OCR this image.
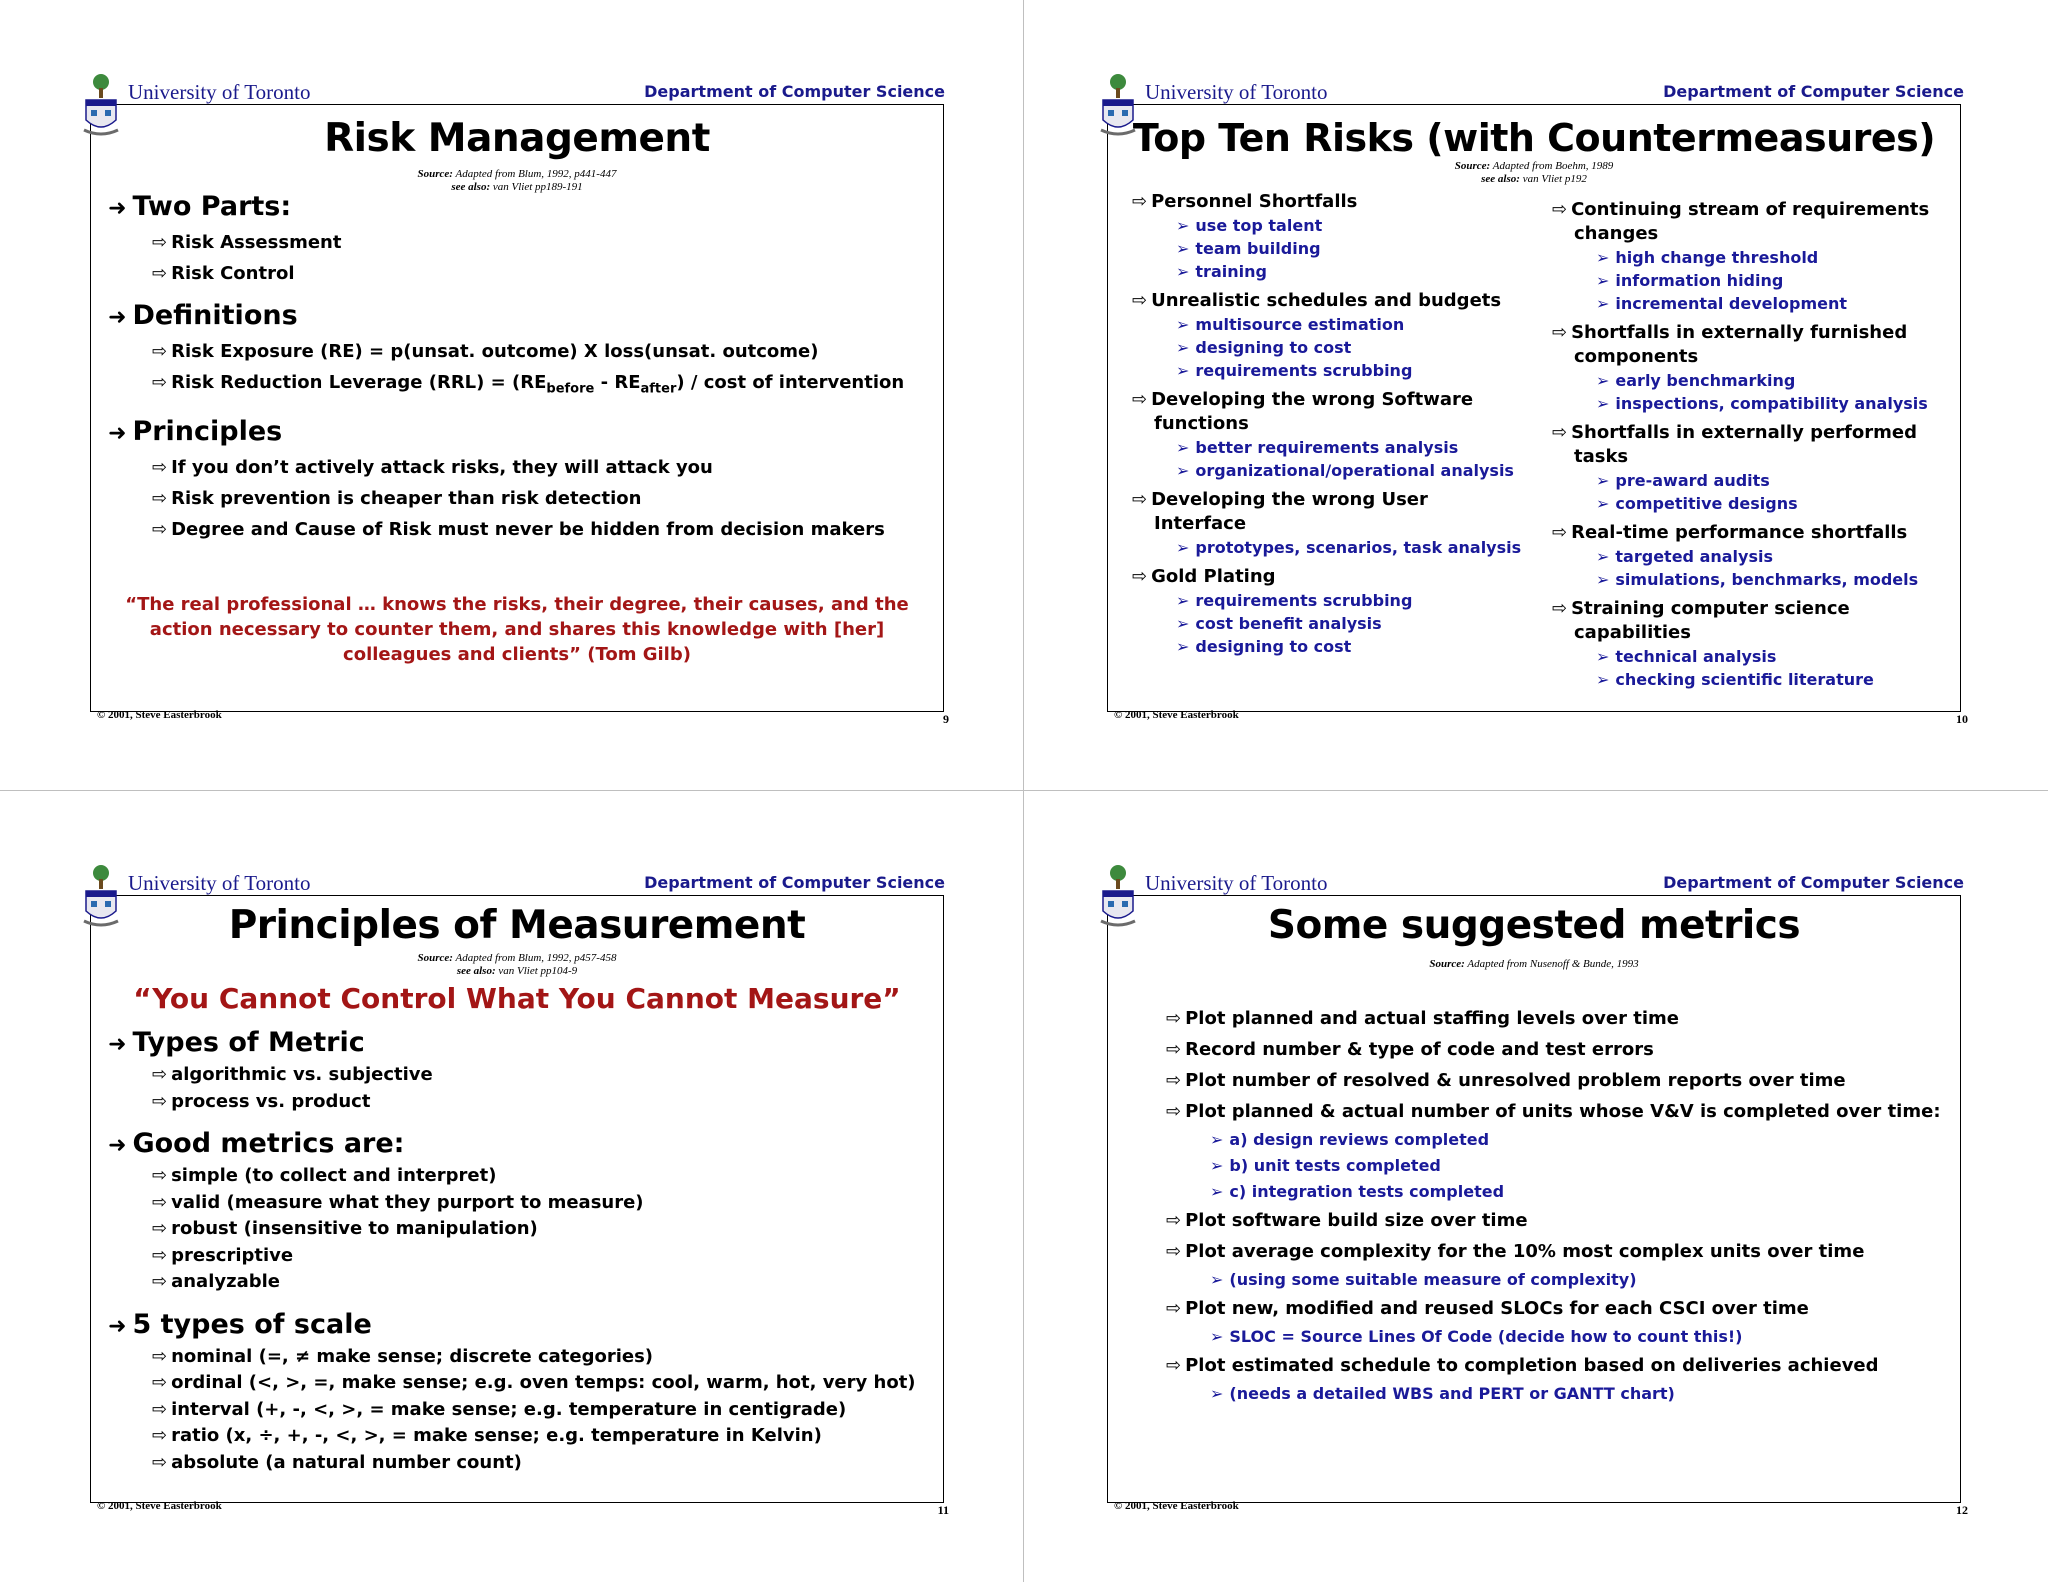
University of Toronto	Department of Computer Science
Risk Management
Source: Adapted from Blum, 1992, p441-447
see also: van Vliet pp189-191
➜ Two Parts:
⇨ Risk Assessment
⇨ Risk Control
➜ Definitions
⇨ Risk Exposure (RE) = p(unsat. outcome) X loss(unsat. outcome)
⇨ Risk Reduction Leverage $(RRL) = (RE_{before} - RE_{after}) / \cos t$ of intervention
➜ Principles
⇨ If you don’t actively attack risks, they will attack you
⇨ Risk prevention is cheaper than risk detection
⇨ Degree and Cause of Risk must never be hidden from decision makers

“The real professional … knows the risks, their degree, their causes, and the

action necessary to counter them, and shares this knowledge with [her]

colleagues and clients” (Tom Gilb)

© 2001, Steve Easterbrook	9
University of Toronto	Department of Computer Science
Top Ten Risks (with Countermeasures)
Source: Adapted from Boehm, 1989
see also: van Vliet p192
⇨ Personnel Shortfalls
➢ use top talent
➢ team building
➢ training
⇨ Unrealistic schedules and budgets
➢ multisource estimation
➢ designing to cost
➢ requirements scrubbing
⇨ Developing the wrong Software
functions
➢ better requirements analysis
➢ organizational/operational analysis
⇨ Developing the wrong User
Interface
➢ prototypes, scenarios, task analysis
⇨ Gold Plating
➢ requirements scrubbing
➢ cost benefit analysis
➢ designing to cost
⇨ Continuing stream of requirements
changes
➢ high change threshold
➢ information hiding
➢ incremental development
⇨ Shortfalls in externally furnished
components
➢ early benchmarking
➢ inspections, compatibility analysis
⇨ Shortfalls in externally performed
tasks
➢ pre-award audits
➢ competitive designs
⇨ Real-time performance shortfalls
➢ targeted analysis
➢ simulations, benchmarks, models
⇨ Straining computer science
capabilities
➢ technical analysis
➢ checking scientific literature
© 2001, Steve Easterbrook	10
University of Toronto	Department of Computer Science
Principles of Measurement
Source: Adapted from Blum, 1992, p457-458
see also: van Vliet pp104-9
“You Cannot Control What You Cannot Measure”
➜ Types of Metric
⇨ algorithmic vs. subjective
⇨ process vs. product
➜ Good metrics are:
⇨ simple (to collect and interpret)
⇨ valid (measure what they purport to measure)
⇨ robust (insensitive to manipulation)
⇨ prescriptive
⇨ analyzable
➜ 5 types of scale
⇨ nominal (=, ≠ make sense; discrete categories)
⇨ ordinal (<, >, =, make sense; e.g. oven temps: cool, warm, hot, very hot)
⇨ interval (+, -, <, >, = make sense; e.g. temperature in centigrade)
⇨ ratio (x, ÷, +, -, <, >, = make sense; e.g. temperature in Kelvin)
⇨ absolute (a natural number count)
© 2001, Steve Easterbrook	11
University of Toronto	Department of Computer Science
Some suggested metrics
Source: Adapted from Nusenoff & Bunde, 1993
⇨ Plot planned and actual staffing levels over time
⇨ Record number & type of code and test errors
⇨ Plot number of resolved & unresolved problem reports over time
⇨ Plot planned & actual number of units whose V&V is completed over time:
➢ a) design reviews completed
➢ b) unit tests completed
➢ c) integration tests completed
⇨ Plot software build size over time
⇨ Plot average complexity for the 10% most complex units over time
➢ (using some suitable measure of complexity)
⇨ Plot new, modified and reused SLOCs for each CSCI over time
➢ SLOC = Source Lines Of Code (decide how to count this!)
⇨ Plot estimated schedule to completion based on deliveries achieved
➢ (needs a detailed WBS and PERT or GANTT chart)
© 2001, Steve Easterbrook	12
